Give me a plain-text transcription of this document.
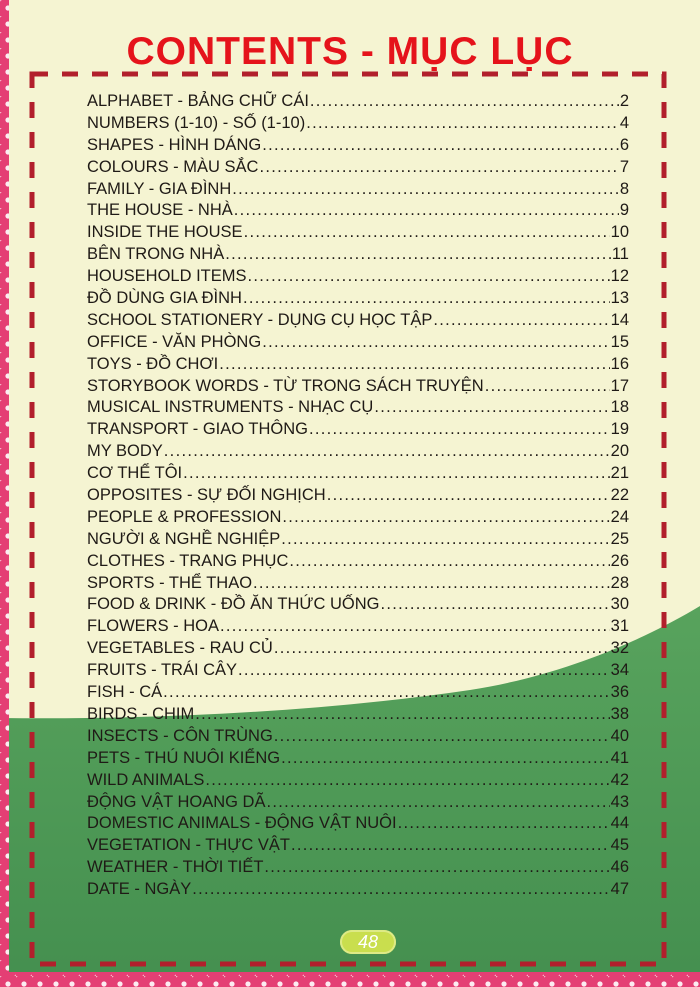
CONTENTS - MỤC LỤC
ALPHABET - BẢNG CHỮ CÁI .....	2
NUMBERS (1-10) - SỐ (1-10) .....	4
SHAPES - HÌNH DÁNG .....	6
COLOURS - MÀU SẮC .....	7
FAMILY - GIA ĐÌNH .....	8
THE HOUSE - NHÀ .....	9
INSIDE THE HOUSE .....	10
BÊN TRONG NHÀ .....	11
HOUSEHOLD ITEMS .....	12
ĐỒ DÙNG GIA ĐÌNH .....	13
SCHOOL STATIONERY - DỤNG CỤ HỌC TẬP .....	14
OFFICE - VĂN PHÒNG .....	15
TOYS - ĐỒ CHƠI .....	16
STORYBOOK WORDS - TỪ TRONG SÁCH TRUYỆN .....	17
MUSICAL INSTRUMENTS - NHẠC CỤ .....	18
TRANSPORT - GIAO THÔNG .....	19
MY BODY .....	20
CƠ THỂ TÔI .....	21
OPPOSITES - SỰ ĐỐI NGHỊCH .....	22
PEOPLE & PROFESSION .....	24
NGƯỜI & NGHỀ NGHIỆP .....	25
CLOTHES - TRANG PHỤC .....	26
SPORTS - THỂ THAO .....	28
FOOD & DRINK - ĐỒ ĂN THỨC UỐNG .....	30
FLOWERS - HOA .....	31
VEGETABLES - RAU CỦ .....	32
FRUITS - TRÁI CÂY .....	34
FISH - CÁ .....	36
BIRDS - CHIM .....	38
INSECTS - CÔN TRÙNG .....	40
PETS - THÚ NUÔI KIỂNG .....	41
WILD ANIMALS .....	42
ĐỘNG VẬT HOANG DÃ .....	43
DOMESTIC ANIMALS - ĐỘNG VẬT NUÔI .....	44
VEGETATION - THỰC VẬT .....	45
WEATHER - THỜI TIẾT .....	46
DATE - NGÀY .....	47
48
